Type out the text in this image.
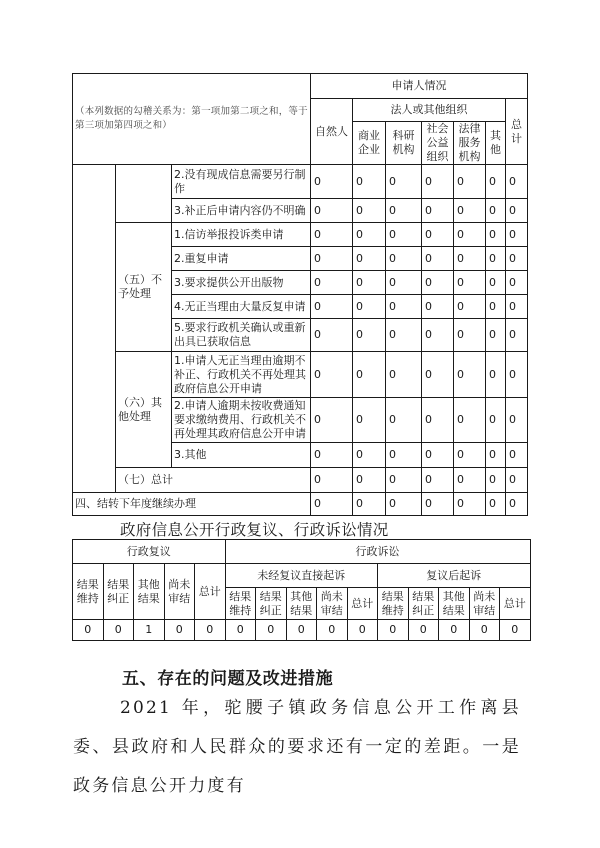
（本列数据的勾稽关系为：第一项加第二项之和，等于第三项加第四项之和）			申请人情况						
			自然人	法人或其他组织					总计
				商业企业	科研机构	社会公益组织	法律服务机构	其他	
		2.没有现成信息需要另行制作	0	0	0	0	0	0	0
		3.补正后申请内容仍不明确	0	0	0	0	0	0	0
	（五）不予处理	1.信访举报投诉类申请	0	0	0	0	0	0	0
		2.重复申请	0	0	0	0	0	0	0
		3.要求提供公开出版物	0	0	0	0	0	0	0
		4.无正当理由大量反复申请	0	0	0	0	0	0	0
		5.要求行政机关确认或重新出具已获取信息	0	0	0	0	0	0	0
	（六）其他处理	1.申请人无正当理由逾期不补正、行政机关不再处理其政府信息公开申请	0	0	0	0	0	0	0
		2.申请人逾期未按收费通知要求缴纳费用、行政机关不再处理其政府信息公开申请	0	0	0	0	0	0	0
		3.其他	0	0	0	0	0	0	0
	（七）总计		0	0	0	0	0	0	0
四、结转下年度继续办理			0	0	0	0	0	0	0
政府信息公开行政复议、行政诉讼情况
行政复议					行政诉讼									
结果维持	结果纠正	其他结果	尚未审结	总计	未经复议直接起诉					复议后起诉				
					结果维持	结果纠正	其他结果	尚未审结	总计	结果维持	结果纠正	其他结果	尚未审结	总计
0	0	1	0	0	0	0	0	0	0	0	0	0	0	0
五、存在的问题及改进措施
2021 年，驼腰子镇政务信息公开工作离县委、县政府和人民群众的要求还有一定的差距。一是政务信息公开力度有
